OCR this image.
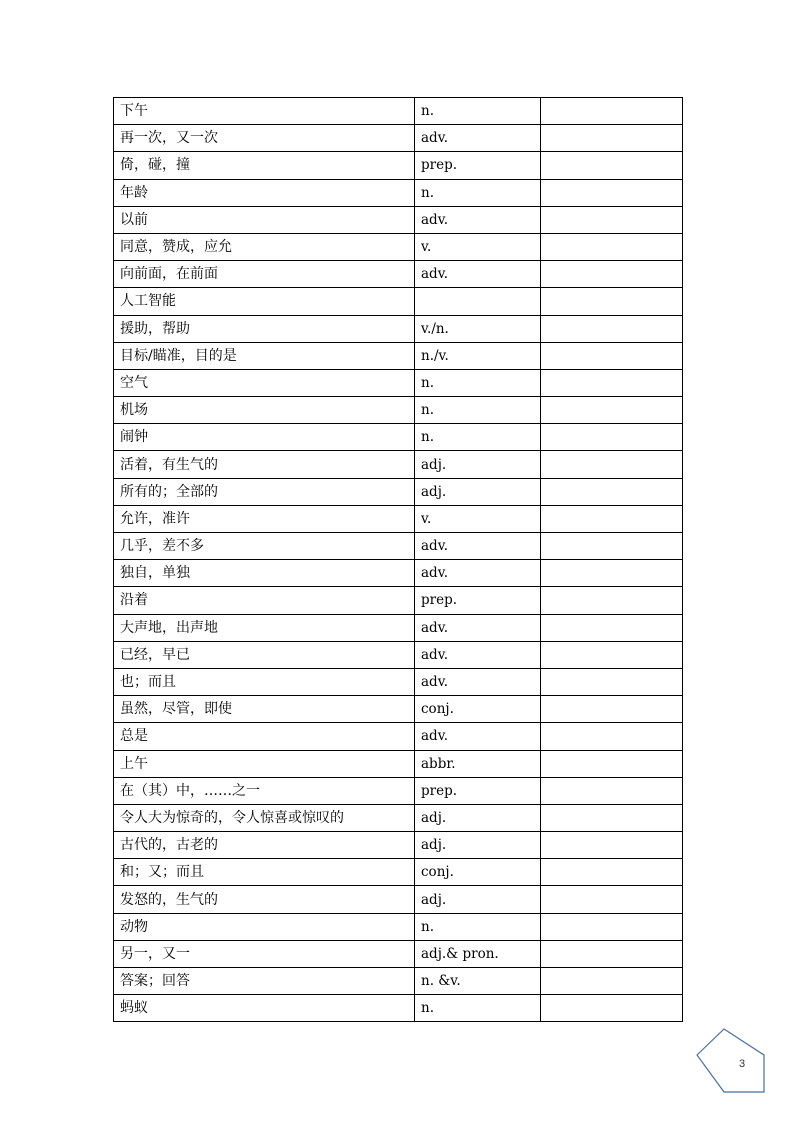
下午	n.	
再一次，又一次	adv.	
倚，碰，撞	prep.	
年龄	n.	
以前	adv.	
同意，赞成，应允	v.	
向前面，在前面	adv.	
人工智能		
援助，帮助	v./n.	
目标/瞄准，目的是	n./v.	
空气	n.	
机场	n.	
闹钟	n.	
活着，有生气的	adj.	
所有的；全部的	adj.	
允许，准许	v.	
几乎，差不多	adv.	
独自，单独	adv.	
沿着	prep.	
大声地，出声地	adv.	
已经，早已	adv.	
也；而且	adv.	
虽然，尽管，即使	conj.	
总是	adv.	
上午	abbr.	
在（其）中，……之一	prep.	
令人大为惊奇的，令人惊喜或惊叹的	adj.	
古代的，古老的	adj.	
和；又；而且	conj.	
发怒的，生气的	adj.	
动物	n.	
另一，又一	adj.& pron.	
答案；回答	n. &v.	
蚂蚁	n.	
3
